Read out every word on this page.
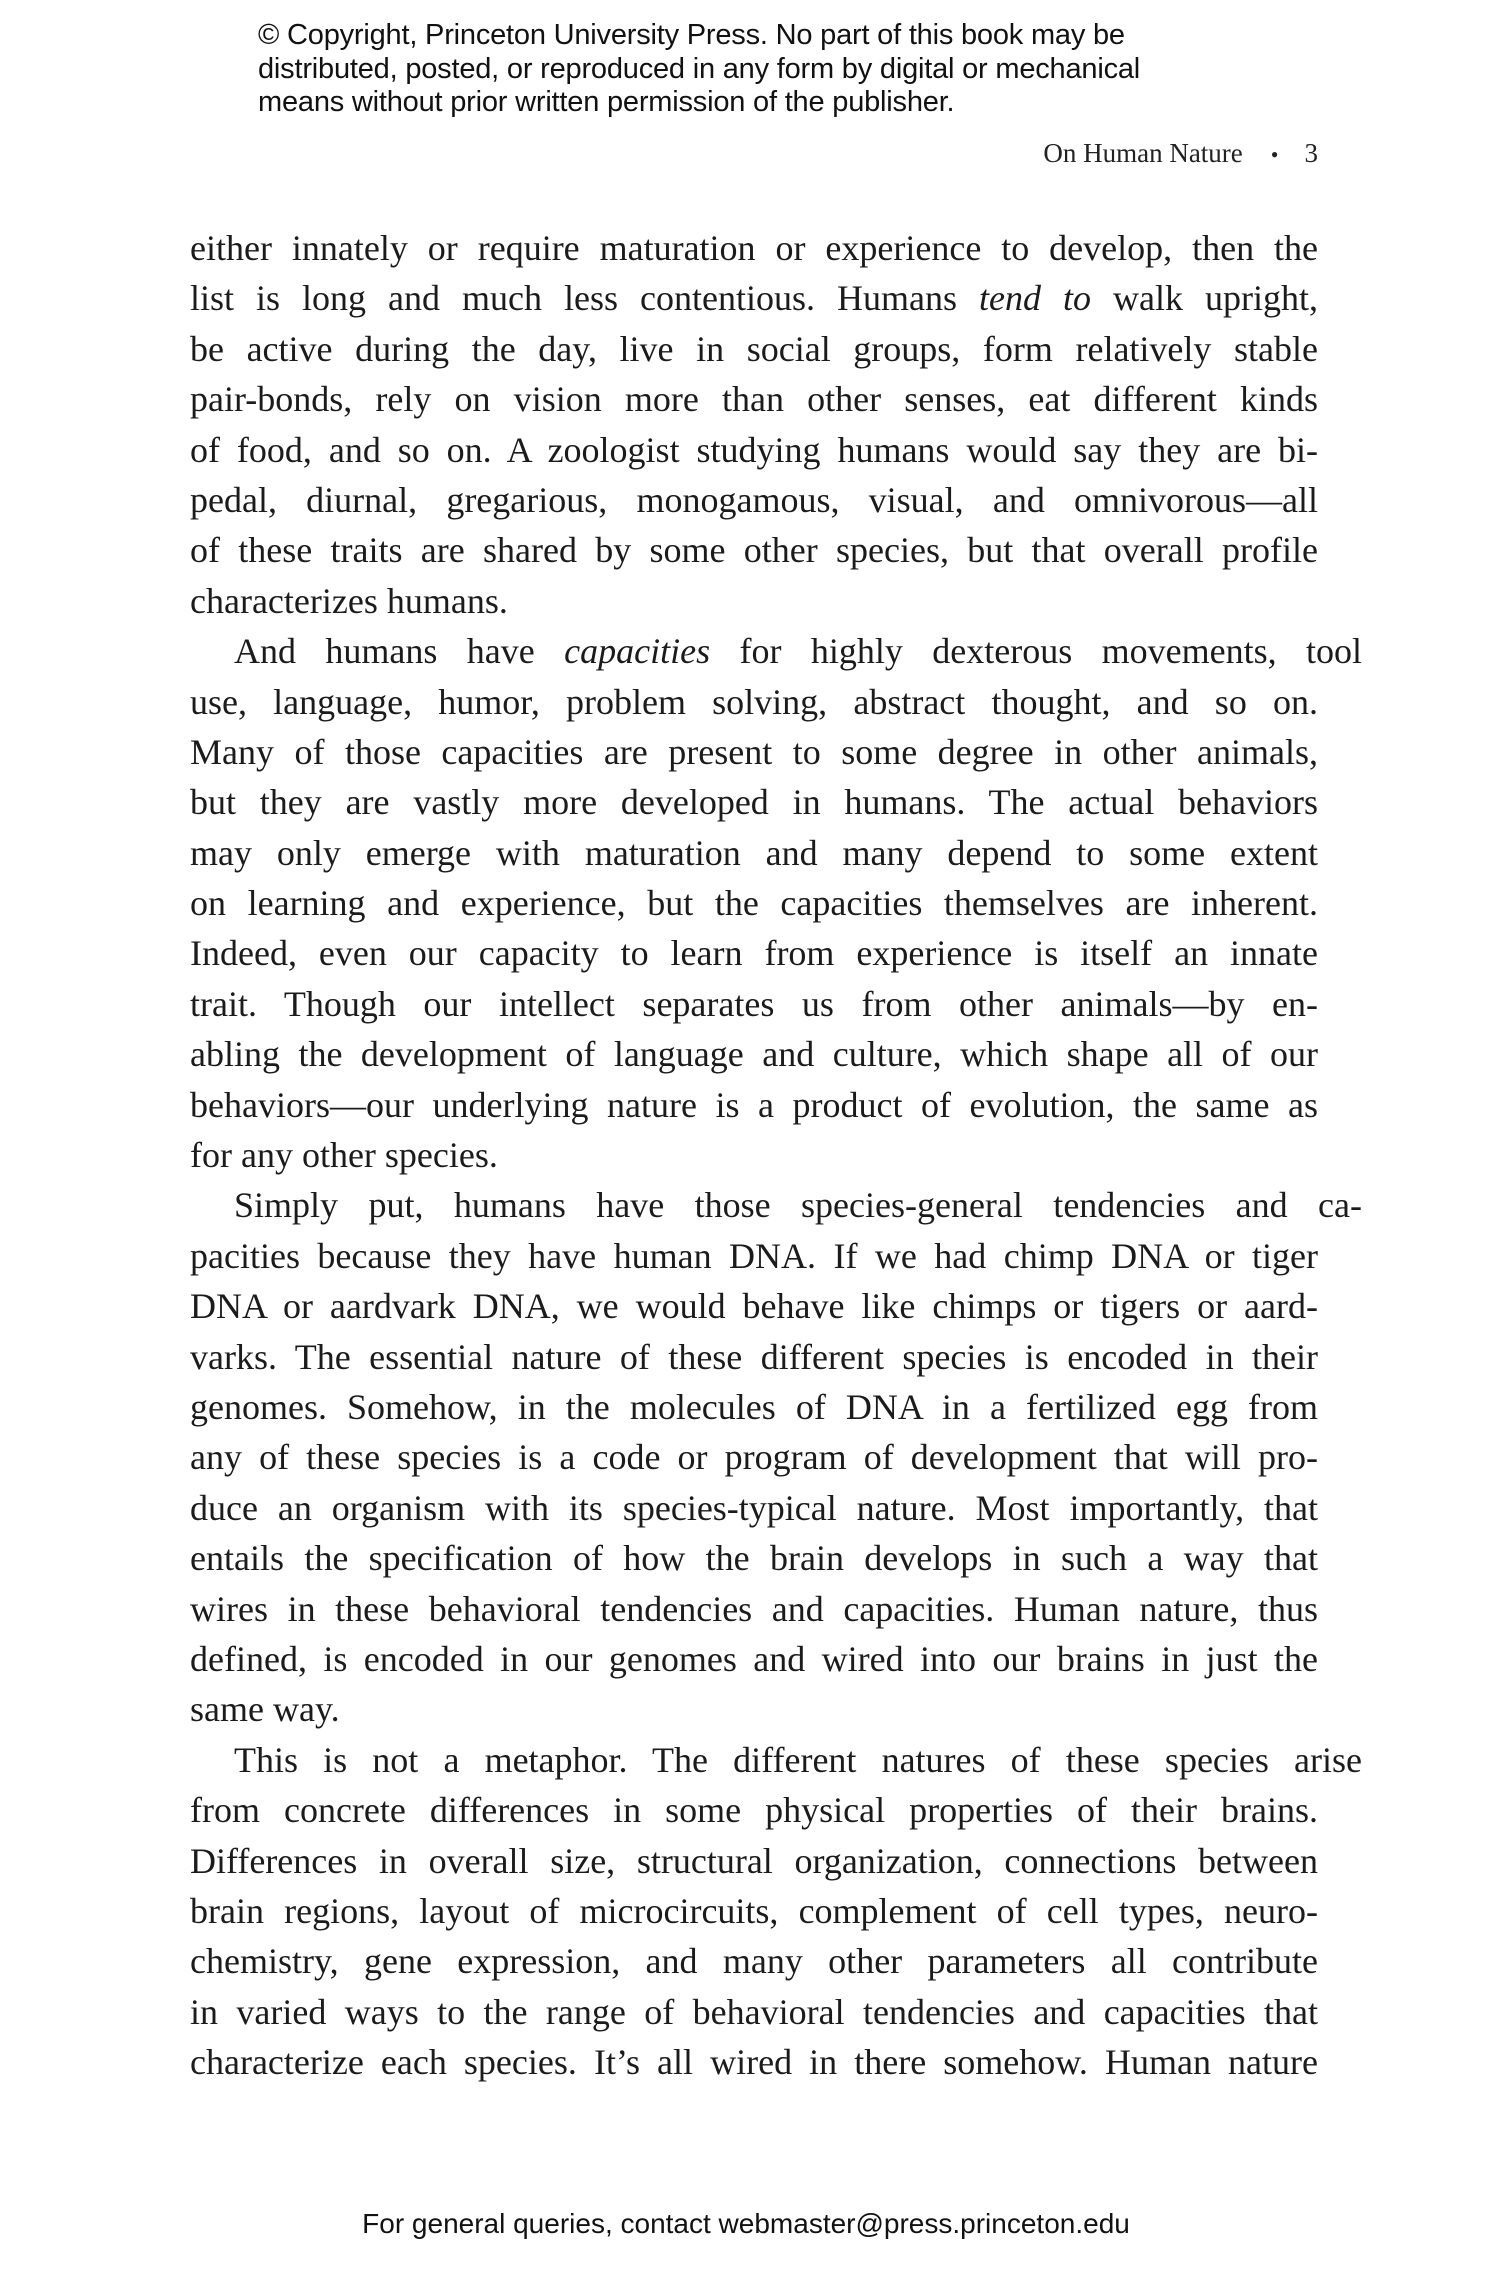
© Copyright, Princeton University Press. No part of this book may be
distributed, posted, or reproduced in any form by digital or mechanical
means without prior written permission of the publisher.
On Human Nature • 3
either innately or require maturation or experience to develop, then the
list is long and much less contentious. Humans tend to walk upright,
be active during the day, live in social groups, form relatively stable
pair-bonds, rely on vision more than other senses, eat different kinds
of food, and so on. A zoologist studying humans would say they are bi-
pedal, diurnal, gregarious, monogamous, visual, and omnivorous—all
of these traits are shared by some other species, but that overall profile
characterizes humans.
And humans have capacities for highly dexterous movements, tool
use, language, humor, problem solving, abstract thought, and so on.
Many of those capacities are present to some degree in other animals,
but they are vastly more developed in humans. The actual behaviors
may only emerge with maturation and many depend to some extent
on learning and experience, but the capacities themselves are inherent.
Indeed, even our capacity to learn from experience is itself an innate
trait. Though our intellect separates us from other animals—by en-
abling the development of language and culture, which shape all of our
behaviors—our underlying nature is a product of evolution, the same as
for any other species.
Simply put, humans have those species-general tendencies and ca-
pacities because they have human DNA. If we had chimp DNA or tiger
DNA or aardvark DNA, we would behave like chimps or tigers or aard-
varks. The essential nature of these different species is encoded in their
genomes. Somehow, in the molecules of DNA in a fertilized egg from
any of these species is a code or program of development that will pro-
duce an organism with its species-typical nature. Most importantly, that
entails the specification of how the brain develops in such a way that
wires in these behavioral tendencies and capacities. Human nature, thus
defined, is encoded in our genomes and wired into our brains in just the
same way.
This is not a metaphor. The different natures of these species arise
from concrete differences in some physical properties of their brains.
Differences in overall size, structural organization, connections between
brain regions, layout of microcircuits, complement of cell types, neuro-
chemistry, gene expression, and many other parameters all contribute
in varied ways to the range of behavioral tendencies and capacities that
characterize each species. It’s all wired in there somehow. Human nature
For general queries, contact webmaster@press.princeton.edu
